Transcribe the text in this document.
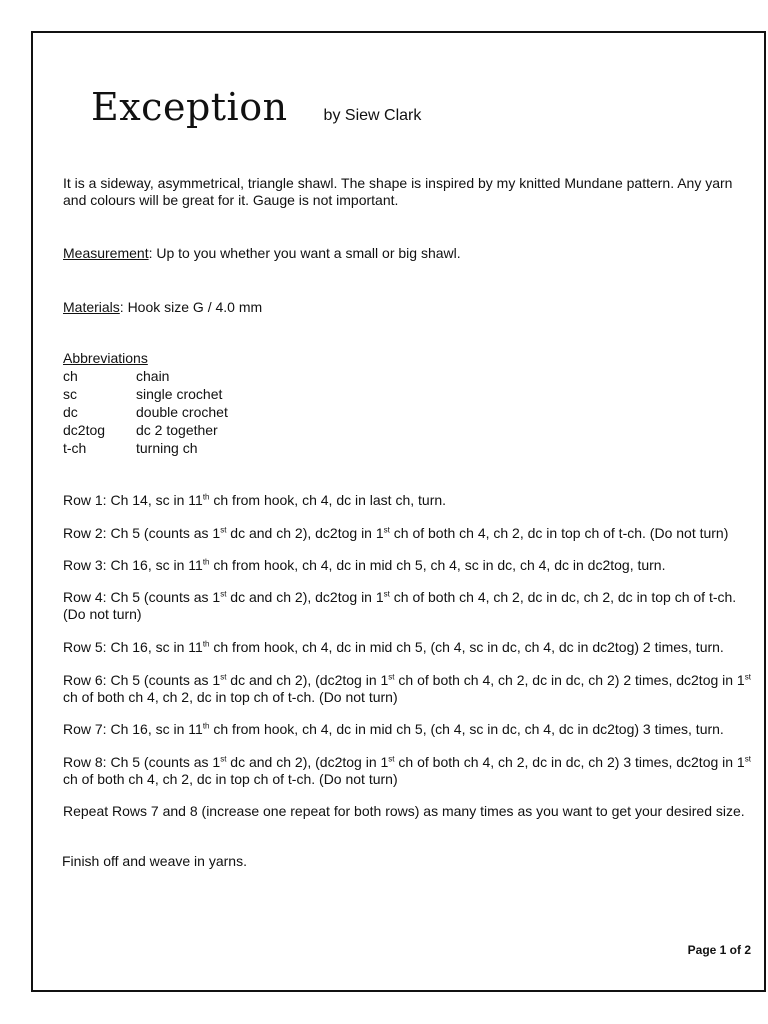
Exception by Siew Clark
It is a sideway, asymmetrical, triangle shawl. The shape is inspired by my knitted Mundane pattern. Any yarn and colours will be great for it. Gauge is not important.
Measurement: Up to you whether you want a small or big shawl.
Materials: Hook size G / 4.0 mm
Abbreviations
ch	chain
sc	single crochet
dc	double crochet
dc2tog	dc 2 together
t-ch	turning ch
Row 1: Ch 14, sc in 11th ch from hook, ch 4, dc in last ch, turn.
Row 2: Ch 5 (counts as 1st dc and ch 2), dc2tog in 1st ch of both ch 4, ch 2, dc in top ch of t-ch. (Do not turn)
Row 3: Ch 16, sc in 11th ch from hook, ch 4, dc in mid ch 5, ch 4, sc in dc, ch 4, dc in dc2tog, turn.
Row 4: Ch 5 (counts as 1st dc and ch 2), dc2tog in 1st ch of both ch 4, ch 2, dc in dc, ch 2, dc in top ch of t-ch. (Do not turn)
Row 5: Ch 16, sc in 11th ch from hook, ch 4, dc in mid ch 5, (ch 4, sc in dc, ch 4, dc in dc2tog) 2 times, turn.
Row 6: Ch 5 (counts as 1st dc and ch 2), (dc2tog in 1st ch of both ch 4, ch 2, dc in dc, ch 2) 2 times, dc2tog in 1st ch of both ch 4, ch 2, dc in top ch of t-ch. (Do not turn)
Row 7: Ch 16, sc in 11th ch from hook, ch 4, dc in mid ch 5, (ch 4, sc in dc, ch 4, dc in dc2tog) 3 times, turn.
Row 8: Ch 5 (counts as 1st dc and ch 2), (dc2tog in 1st ch of both ch 4, ch 2, dc in dc, ch 2) 3 times, dc2tog in 1st ch of both ch 4, ch 2, dc in top ch of t-ch. (Do not turn)
Repeat Rows 7 and 8 (increase one repeat for both rows) as many times as you want to get your desired size.
Finish off and weave in yarns.
Page 1 of 2
